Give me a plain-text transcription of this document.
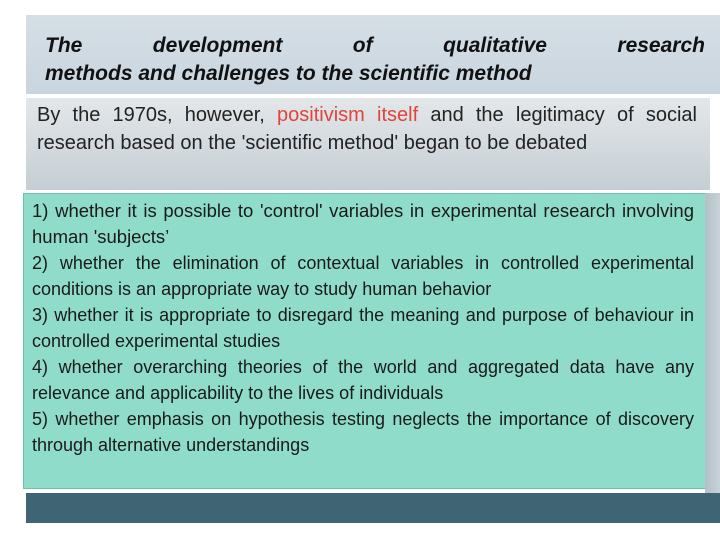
The	development	of	qualitative	research
methods and challenges to the scientific method
By the 1970s, however, positivism itself and the legitimacy of social research based on the 'scientific method' began to be debated

1) whether it is possible to 'control' variables in experimental research involving human 'subjects’

2) whether the elimination of contextual variables in controlled experimental conditions is an appropriate way to study human behavior

3) whether it is appropriate to disregard the meaning and purpose of behaviour in controlled experimental studies

4) whether overarching theories of the world and aggregated data have any relevance and applicability to the lives of individuals

5) whether emphasis on hypothesis testing neglects the importance of discovery through alternative understandings
